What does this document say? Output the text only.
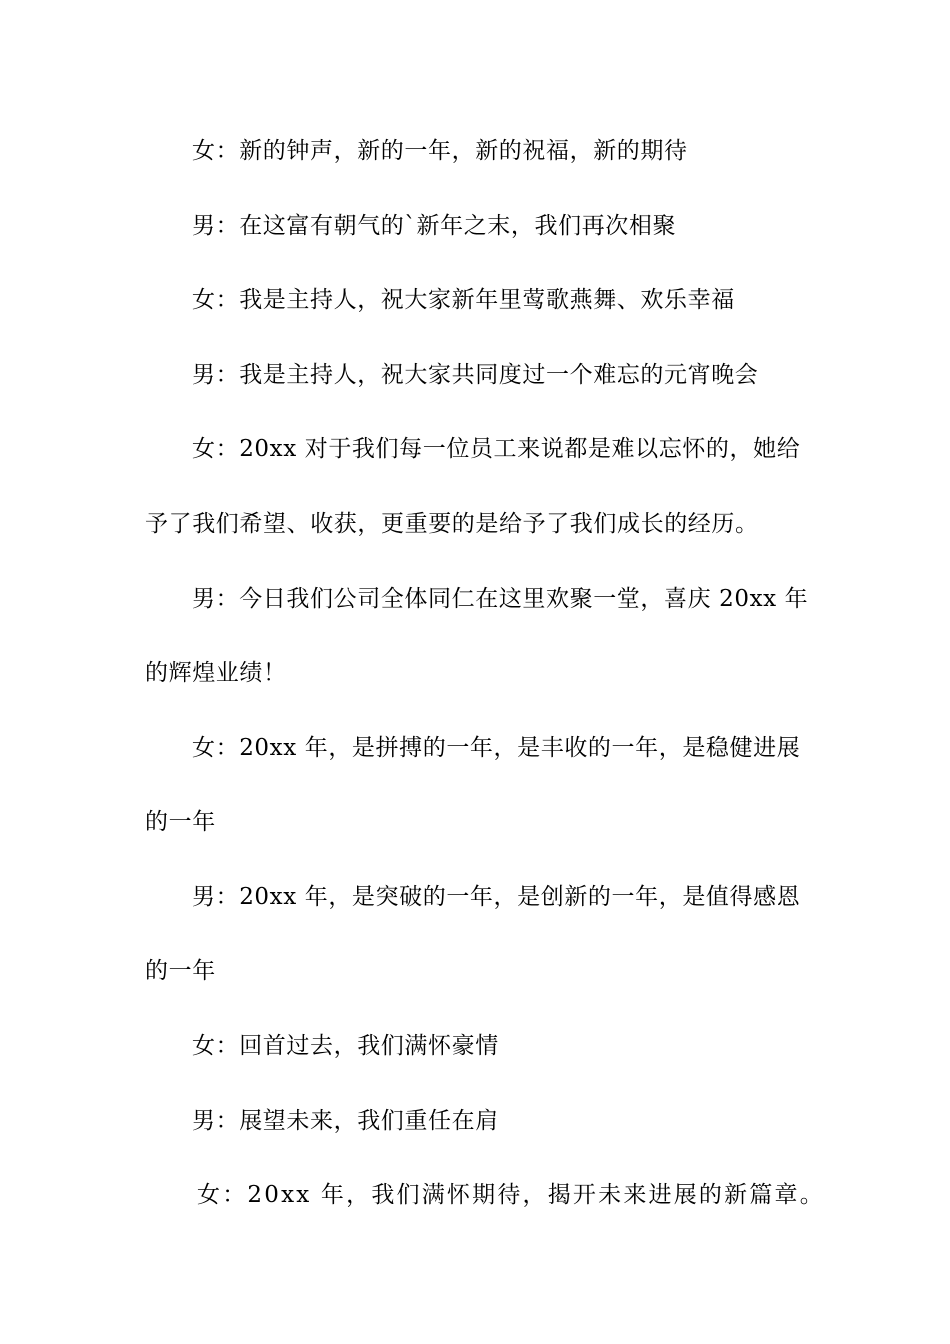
女：新的钟声，新的一年，新的祝福，新的期待

男：在这富有朝气的`新年之末，我们再次相聚

女：我是主持人，祝大家新年里莺歌燕舞、欢乐幸福

男：我是主持人，祝大家共同度过一个难忘的元宵晚会

女：20xx 对于我们每一位员工来说都是难以忘怀的，她给

予了我们希望、收获，更重要的是给予了我们成长的经历。

男：今日我们公司全体同仁在这里欢聚一堂，喜庆 20xx 年

的辉煌业绩！

女：20xx 年，是拼搏的一年，是丰收的一年，是稳健进展

的一年

男：20xx 年，是突破的一年，是创新的一年，是值得感恩

的一年

女：回首过去，我们满怀豪情

男：展望未来，我们重任在肩

女：20xx 年，我们满怀期待，揭开未来进展的新篇章。
